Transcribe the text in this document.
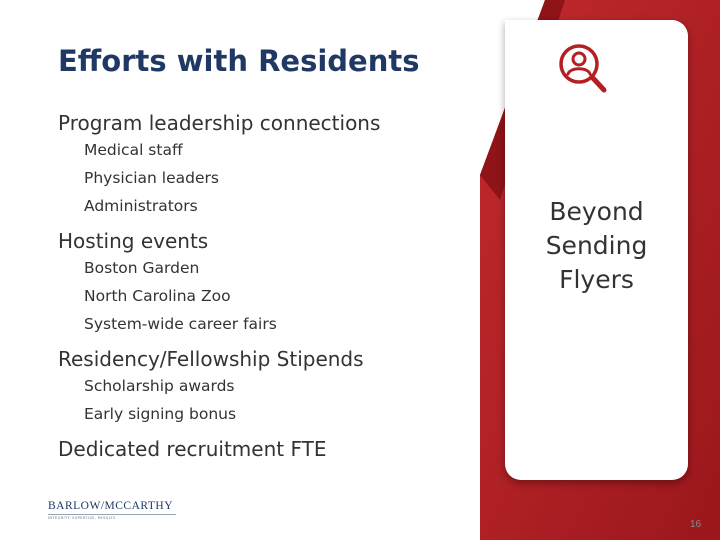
Efforts with Residents
Program leadership connections
Medical staff
Physician leaders
Administrators
Hosting events
Boston Garden
North Carolina Zoo
System-wide career fairs
Residency/Fellowship Stipends
Scholarship awards
Early signing bonus
Dedicated recruitment FTE
Beyond
Sending
Flyers
BARLOW/MCCARTHY
INTEGRITY. EXPERTISE. RESULTS
16
